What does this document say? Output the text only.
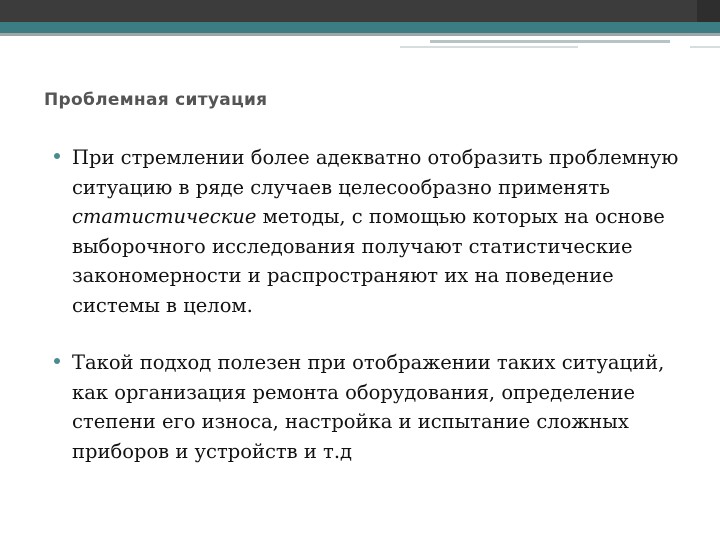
Проблемная ситуация
При стремлении более адекватно отобразить проблемную ситуацию в ряде случаев целесообразно применять статистические методы, с помощью которых на основе выборочного исследования получают статистические закономерности и распространяют их на поведение системы в целом.
Такой подход полезен при отображении таких ситуаций, как организация ремонта оборудования, определение степени его износа, настройка и испытание сложных приборов и устройств и т.д
